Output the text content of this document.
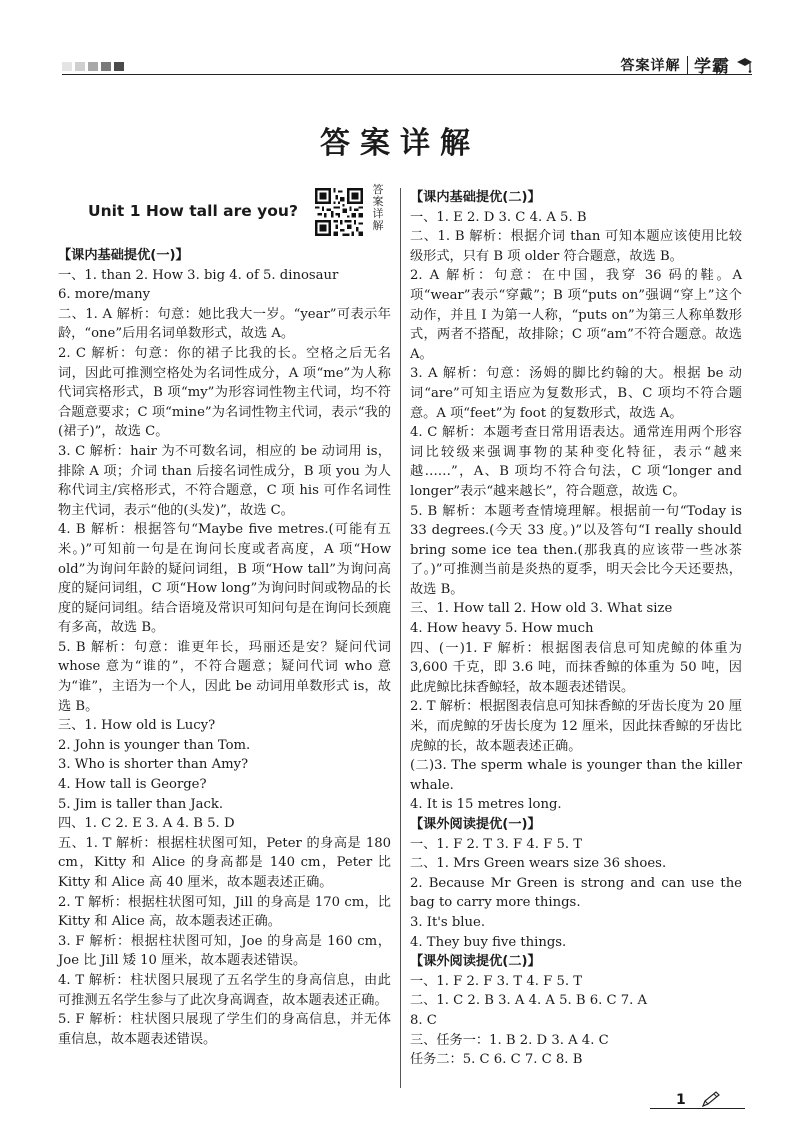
答案详解 学霸
答案详解
Unit 1 How tall are you?
答案详解

【课内基础提优(一)】

一、1. than 2. How 3. big 4. of 5. dinosaur

6. more/many

二、1. A 解析：句意：她比我大一岁。“year”可表示年龄，“one”后用名词单数形式，故选 A。

2. C 解析：句意：你的裙子比我的长。空格之后无名词，因此可推测空格处为名词性成分，A 项“me”为人称代词宾格形式，B 项“my”为形容词性物主代词，均不符合题意要求；C 项“mine”为名词性物主代词，表示“我的(裙子)”，故选 C。

3. C 解析：hair 为不可数名词，相应的 be 动词用 is，排除 A 项；介词 than 后接名词性成分，B 项 you 为人称代词主/宾格形式，不符合题意，C 项 his 可作名词性物主代词，表示“他的(头发)”，故选 C。

4. B 解析：根据答句“Maybe five metres.(可能有五米。)”可知前一句是在询问长度或者高度，A 项“How old”为询问年龄的疑问词组，B 项“How tall”为询问高度的疑问词组，C 项“How long”为询问时间或物品的长度的疑问词组。结合语境及常识可知问句是在询问长颈鹿有多高，故选 B。

5. B 解析：句意：谁更年长，玛丽还是安？疑问代词 whose 意为“谁的”，不符合题意；疑问代词 who 意为“谁”，主语为一个人，因此 be 动词用单数形式 is，故选 B。

三、1. How old is Lucy?

2. John is younger than Tom.

3. Who is shorter than Amy?

4. How tall is George?

5. Jim is taller than Jack.

四、1. C 2. E 3. A 4. B 5. D

五、1. T 解析：根据柱状图可知，Peter 的身高是 180 cm，Kitty 和 Alice 的身高都是 140 cm，Peter 比 Kitty 和 Alice 高 40 厘米，故本题表述正确。

2. T 解析：根据柱状图可知，Jill 的身高是 170 cm，比 Kitty 和 Alice 高，故本题表述正确。

3. F 解析：根据柱状图可知，Joe 的身高是 160 cm，Joe 比 Jill 矮 10 厘米，故本题表述错误。

4. T 解析：柱状图只展现了五名学生的身高信息，由此可推测五名学生参与了此次身高调查，故本题表述正确。

5. F 解析：柱状图只展现了学生们的身高信息，并无体重信息，故本题表述错误。

【课内基础提优(二)】

一、1. E 2. D 3. C 4. A 5. B

二、1. B 解析：根据介词 than 可知本题应该使用比较级形式，只有 B 项 older 符合题意，故选 B。

2. A 解析：句意：在中国，我穿 36 码的鞋。A 项“wear”表示“穿戴”；B 项“puts on”强调“穿上”这个动作，并且 I 为第一人称，“puts on”为第三人称单数形式，两者不搭配，故排除；C 项“am”不符合题意。故选 A。

3. A 解析：句意：汤姆的脚比约翰的大。根据 be 动词“are”可知主语应为复数形式，B、C 项均不符合题意。A 项“feet”为 foot 的复数形式，故选 A。

4. C 解析：本题考查日常用语表达。通常连用两个形容词比较级来强调事物的某种变化特征，表示“越来越……”，A、B 项均不符合句法，C 项“longer and longer”表示“越来越长”，符合题意，故选 C。

5. B 解析：本题考查情境理解。根据前一句“Today is 33 degrees.(今天 33 度。)”以及答句“I really should bring some ice tea then.(那我真的应该带一些冰茶了。)”可推测当前是炎热的夏季，明天会比今天还要热，故选 B。

三、1. How tall 2. How old 3. What size

4. How heavy 5. How much

四、(一)1. F 解析：根据图表信息可知虎鲸的体重为 3,600 千克，即 3.6 吨，而抹香鲸的体重为 50 吨，因此虎鲸比抹香鲸轻，故本题表述错误。

2. T 解析：根据图表信息可知抹香鲸的牙齿长度为 20 厘米，而虎鲸的牙齿长度为 12 厘米，因此抹香鲸的牙齿比虎鲸的长，故本题表述正确。

(二)3. The sperm whale is younger than the killer whale.

4. It is 15 metres long.

【课外阅读提优(一)】

一、1. F 2. T 3. F 4. F 5. T

二、1. Mrs Green wears size 36 shoes.

2. Because Mr Green is strong and can use the bag to carry more things.

3. It's blue.

4. They buy five things.

【课外阅读提优(二)】

一、1. F 2. F 3. T 4. F 5. T

二、1. C 2. B 3. A 4. A 5. B 6. C 7. A

8. C

三、任务一：1. B 2. D 3. A 4. C

任务二：5. C 6. C 7. C 8. B

1
